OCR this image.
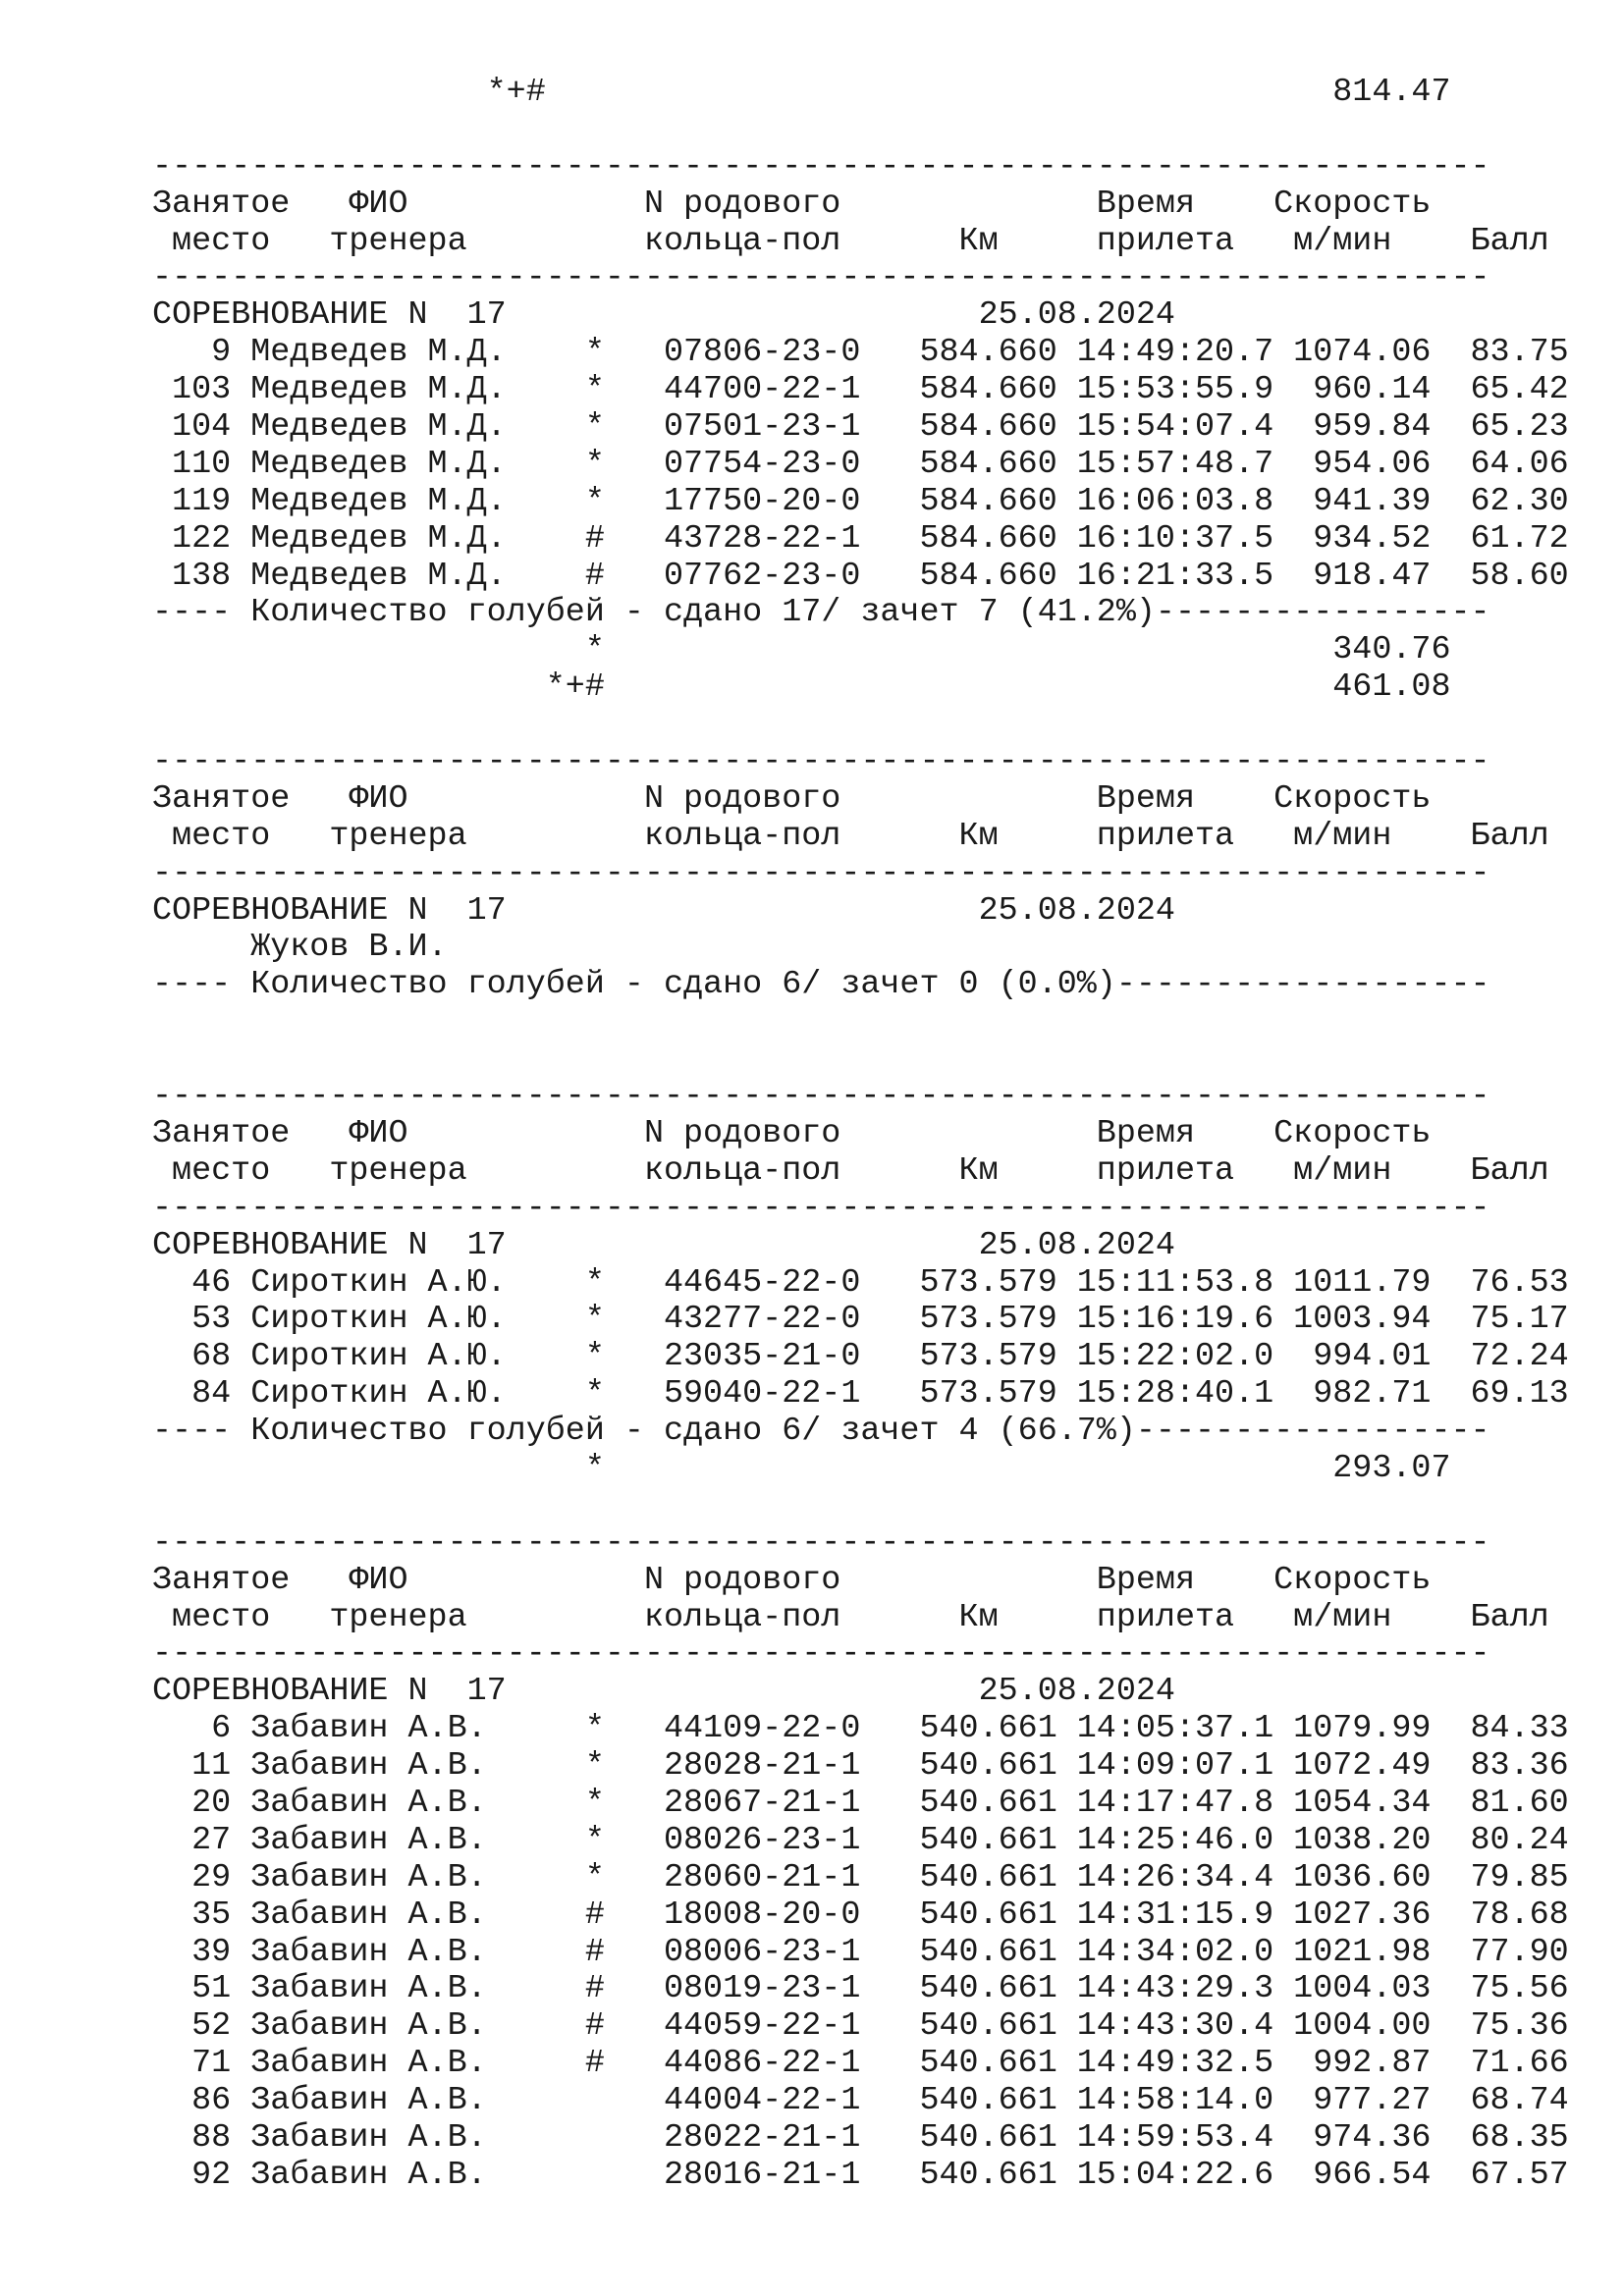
*+#                                        814.47
--------------------------------------------------------------------
Занятое   ФИО            N родового             Время    Скорость
место   тренера         кольца-пол      Км     прилета   м/мин    Балл
--------------------------------------------------------------------
СОРЕВНОВАНИЕ N  17                        25.08.2024
9 Медведев М.Д.    *   07806-23-0   584.660 14:49:20.7 1074.06  83.75
103 Медведев М.Д.    *   44700-22-1   584.660 15:53:55.9  960.14  65.42
104 Медведев М.Д.    *   07501-23-1   584.660 15:54:07.4  959.84  65.23
110 Медведев М.Д.    *   07754-23-0   584.660 15:57:48.7  954.06  64.06
119 Медведев М.Д.    *   17750-20-0   584.660 16:06:03.8  941.39  62.30
122 Медведев М.Д.    #   43728-22-1   584.660 16:10:37.5  934.52  61.72
138 Медведев М.Д.    #   07762-23-0   584.660 16:21:33.5  918.47  58.60
---- Количество голубей - сдано 17/ зачет 7 (41.2%)-----------------
*                                     340.76
*+#                                     461.08
--------------------------------------------------------------------
Занятое   ФИО            N родового             Время    Скорость
место   тренера         кольца-пол      Км     прилета   м/мин    Балл
--------------------------------------------------------------------
СОРЕВНОВАНИЕ N  17                        25.08.2024
Жуков В.И.
---- Количество голубей - сдано 6/ зачет 0 (0.0%)-------------------
--------------------------------------------------------------------
Занятое   ФИО            N родового             Время    Скорость
место   тренера         кольца-пол      Км     прилета   м/мин    Балл
--------------------------------------------------------------------
СОРЕВНОВАНИЕ N  17                        25.08.2024
46 Сироткин А.Ю.    *   44645-22-0   573.579 15:11:53.8 1011.79  76.53
53 Сироткин А.Ю.    *   43277-22-0   573.579 15:16:19.6 1003.94  75.17
68 Сироткин А.Ю.    *   23035-21-0   573.579 15:22:02.0  994.01  72.24
84 Сироткин А.Ю.    *   59040-22-1   573.579 15:28:40.1  982.71  69.13
---- Количество голубей - сдано 6/ зачет 4 (66.7%)------------------
*                                     293.07
--------------------------------------------------------------------
Занятое   ФИО            N родового             Время    Скорость
место   тренера         кольца-пол      Км     прилета   м/мин    Балл
--------------------------------------------------------------------
СОРЕВНОВАНИЕ N  17                        25.08.2024
6 Забавин А.В.     *   44109-22-0   540.661 14:05:37.1 1079.99  84.33
11 Забавин А.В.     *   28028-21-1   540.661 14:09:07.1 1072.49  83.36
20 Забавин А.В.     *   28067-21-1   540.661 14:17:47.8 1054.34  81.60
27 Забавин А.В.     *   08026-23-1   540.661 14:25:46.0 1038.20  80.24
29 Забавин А.В.     *   28060-21-1   540.661 14:26:34.4 1036.60  79.85
35 Забавин А.В.     #   18008-20-0   540.661 14:31:15.9 1027.36  78.68
39 Забавин А.В.     #   08006-23-1   540.661 14:34:02.0 1021.98  77.90
51 Забавин А.В.     #   08019-23-1   540.661 14:43:29.3 1004.03  75.56
52 Забавин А.В.     #   44059-22-1   540.661 14:43:30.4 1004.00  75.36
71 Забавин А.В.     #   44086-22-1   540.661 14:49:32.5  992.87  71.66
86 Забавин А.В.         44004-22-1   540.661 14:58:14.0  977.27  68.74
88 Забавин А.В.         28022-21-1   540.661 14:59:53.4  974.36  68.35
92 Забавин А.В.         28016-21-1   540.661 15:04:22.6  966.54  67.57
